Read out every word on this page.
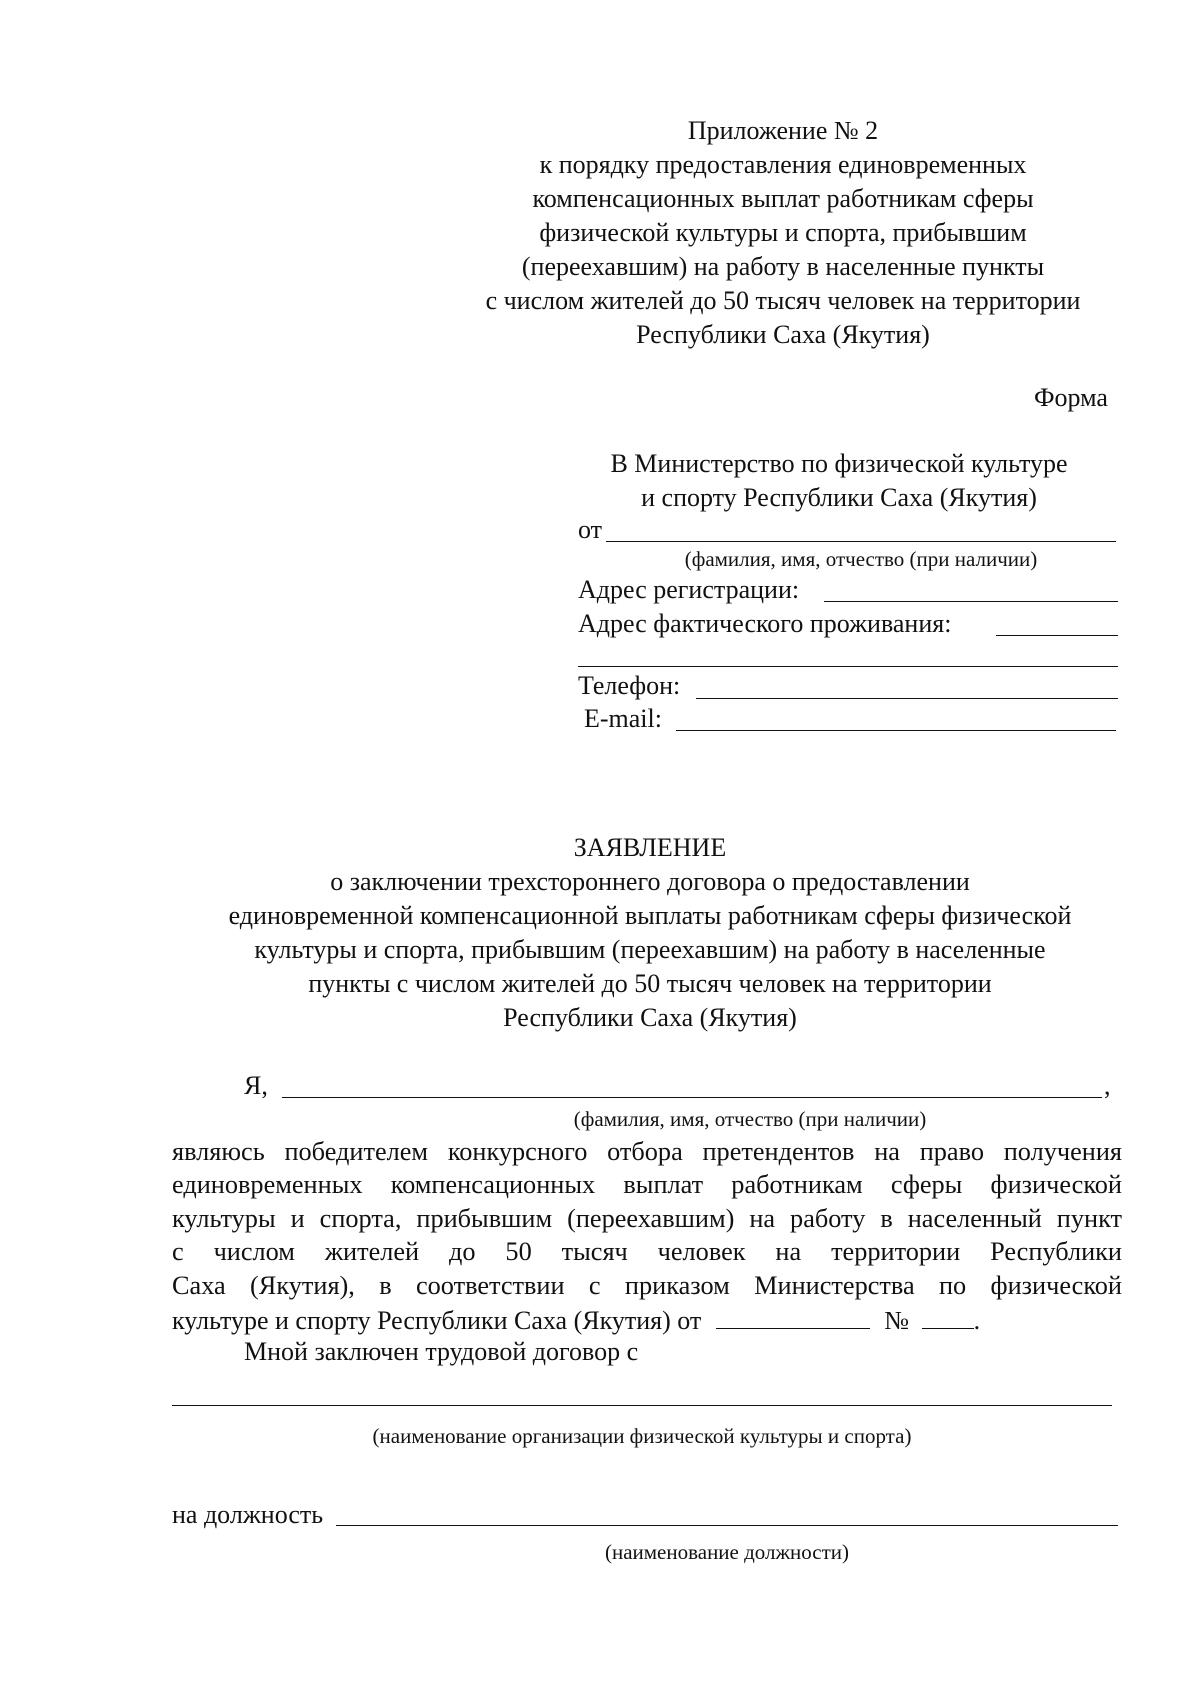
Приложение № 2
к порядку предоставления единовременных
компенсационных выплат работникам сферы
физической культуры и спорта, прибывшим
(переехавшим) на работу в населенные пункты
с числом жителей до 50 тысяч человек на территории
Республики Саха (Якутия)
Форма
В Министерство по физической культуре
и спорту Республики Саха (Якутия)
от
(фамилия, имя, отчество (при наличии)
Адрес регистрации:
Адрес фактического проживания:
Телефон:
E-mail:
ЗАЯВЛЕНИЕ
о заключении трехстороннего договора о предоставлении
единовременной компенсационной выплаты работникам сферы физической
культуры и спорта, прибывшим (переехавшим) на работу в населенные
пункты с числом жителей до 50 тысяч человек на территории
Республики Саха (Якутия)
Я,	,
(фамилия, имя, отчество (при наличии)
являюсь победителем конкурсного отбора претендентов на право получения
единовременных компенсационных выплат работникам сферы физической
культуры и спорта, прибывшим (переехавшим) на работу в населенный пункт
с числом жителей до 50 тысяч человек на территории Республики
Саха (Якутия), в соответствии с приказом Министерства по физической
культуре и спорту Республики Саха (Якутия) от	№ .
Мной заключен трудовой договор с
(наименование организации физической культуры и спорта)
на должность
(наименование должности)
